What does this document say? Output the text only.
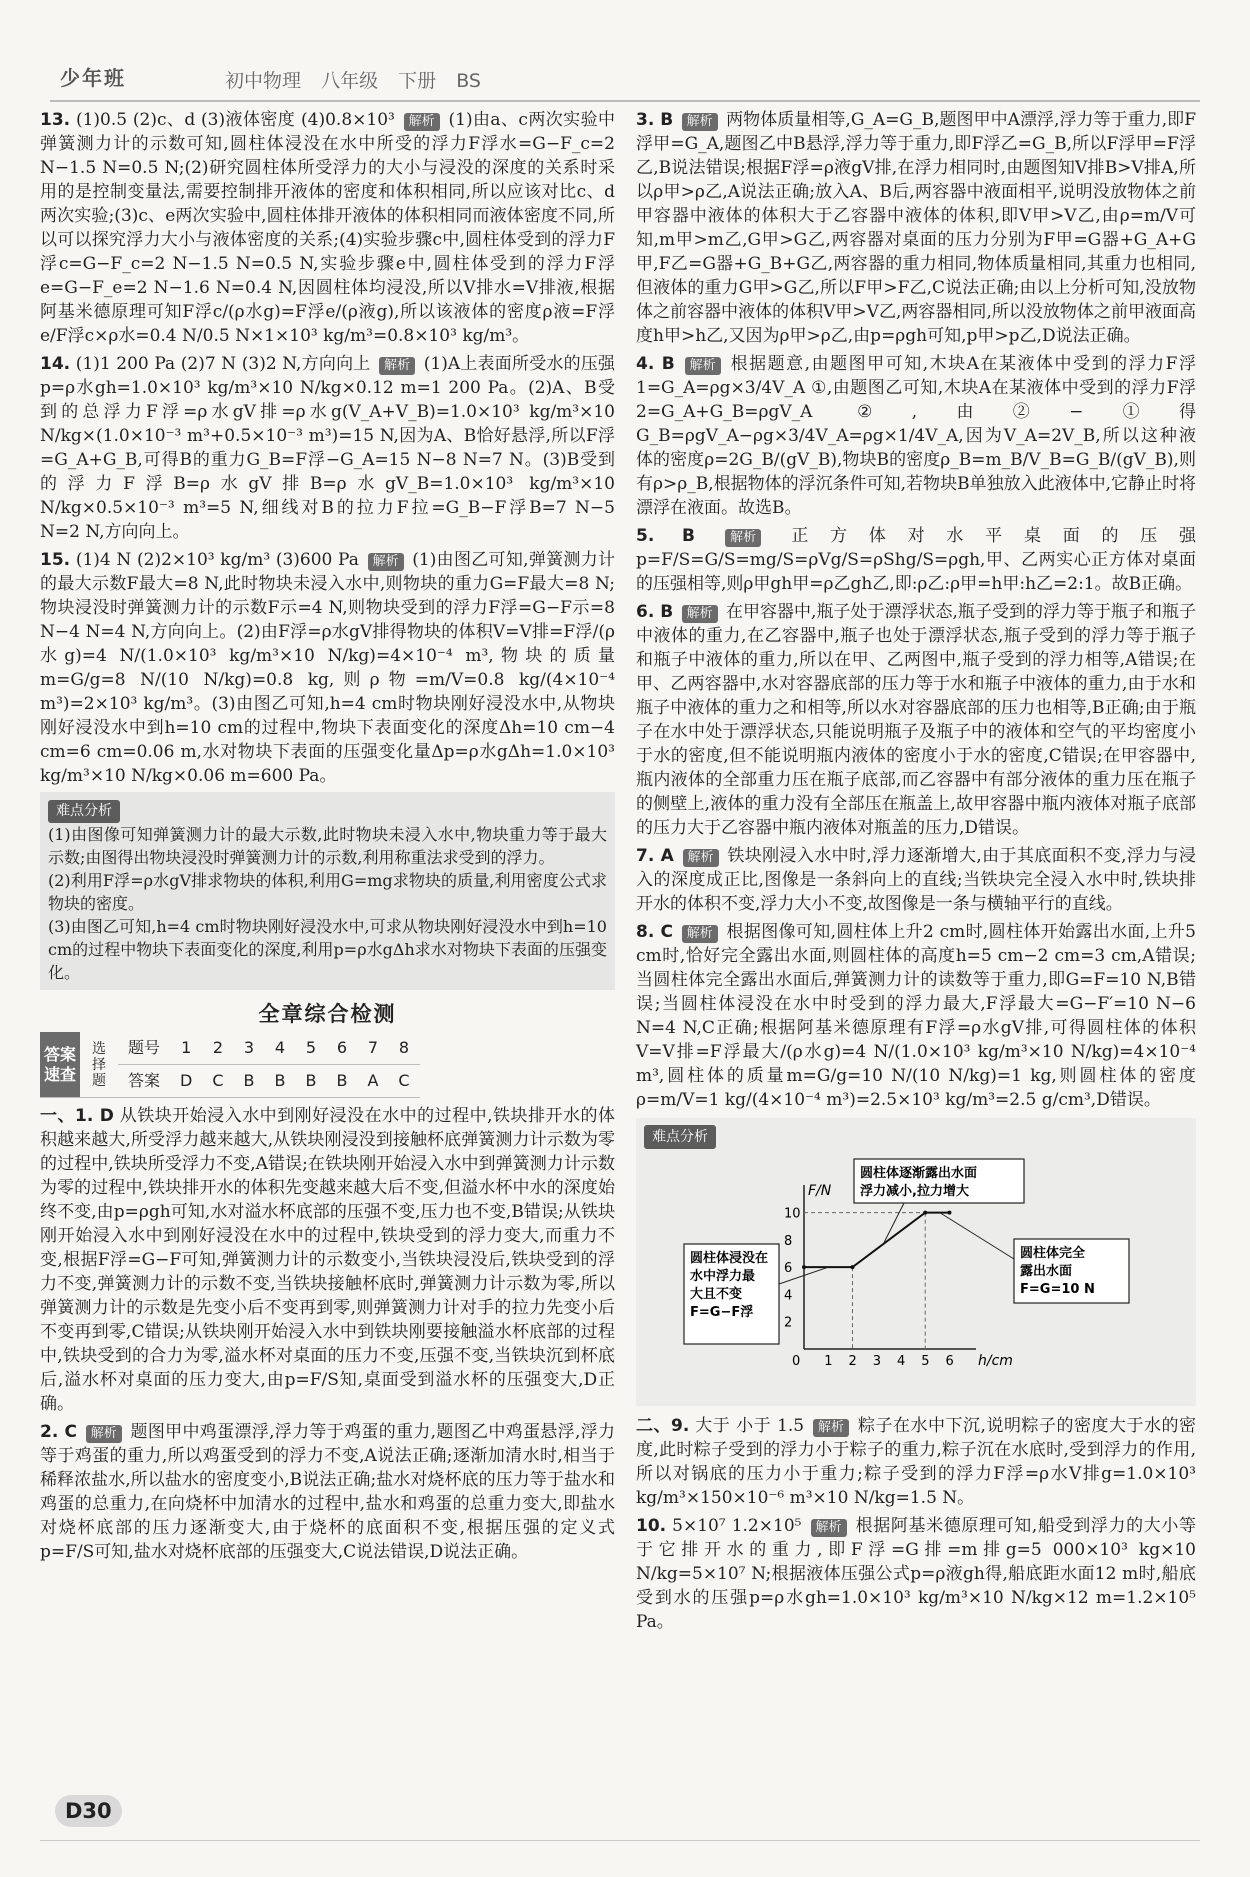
少年班	初中物理 八年级 下册 BS
13. (1)0.5 (2)c、d (3)液体密度 (4)0.8×10³ 解析 (1)由a、c两次实验中弹簧测力计的示数可知,圆柱体浸没在水中所受的浮力F浮水=G−F_c=2 N−1.5 N=0.5 N;(2)研究圆柱体所受浮力的大小与浸没的深度的关系时采用的是控制变量法,需要控制排开液体的密度和体积相同,所以应该对比c、d两次实验;(3)c、e两次实验中,圆柱体排开液体的体积相同而液体密度不同,所以可以探究浮力大小与液体密度的关系;(4)实验步骤c中,圆柱体受到的浮力F浮c=G−F_c=2 N−1.5 N=0.5 N,实验步骤e中,圆柱体受到的浮力F浮e=G−F_e=2 N−1.6 N=0.4 N,因圆柱体均浸没,所以V排水=V排液,根据阿基米德原理可知F浮c/(ρ水g)=F浮e/(ρ液g),所以该液体的密度ρ液=F浮e/F浮c×ρ水=0.4 N/0.5 N×1×10³ kg/m³=0.8×10³ kg/m³。
14. (1)1 200 Pa (2)7 N (3)2 N,方向向上 解析 (1)A上表面所受水的压强p=ρ水gh=1.0×10³ kg/m³×10 N/kg×0.12 m=1 200 Pa。(2)A、B受到的总浮力F浮=ρ水gV排=ρ水g(V_A+V_B)=1.0×10³ kg/m³×10 N/kg×(1.0×10⁻³ m³+0.5×10⁻³ m³)=15 N,因为A、B恰好悬浮,所以F浮=G_A+G_B,可得B的重力G_B=F浮−G_A=15 N−8 N=7 N。(3)B受到的浮力F浮B=ρ水gV排B=ρ水gV_B=1.0×10³ kg/m³×10 N/kg×0.5×10⁻³ m³=5 N,细线对B的拉力F拉=G_B−F浮B=7 N−5 N=2 N,方向向上。
15. (1)4 N (2)2×10³ kg/m³ (3)600 Pa 解析 (1)由图乙可知,弹簧测力计的最大示数F最大=8 N,此时物块未浸入水中,则物块的重力G=F最大=8 N;物块浸没时弹簧测力计的示数F示=4 N,则物块受到的浮力F浮=G−F示=8 N−4 N=4 N,方向向上。(2)由F浮=ρ水gV排得物块的体积V=V排=F浮/(ρ水g)=4 N/(1.0×10³ kg/m³×10 N/kg)=4×10⁻⁴ m³,物块的质量m=G/g=8 N/(10 N/kg)=0.8 kg,则ρ物=m/V=0.8 kg/(4×10⁻⁴ m³)=2×10³ kg/m³。(3)由图乙可知,h=4 cm时物块刚好浸没水中,从物块刚好浸没水中到h=10 cm的过程中,物块下表面变化的深度Δh=10 cm−4 cm=6 cm=0.06 m,水对物块下表面的压强变化量Δp=ρ水gΔh=1.0×10³ kg/m³×10 N/kg×0.06 m=600 Pa。
难点分析

(1)由图像可知弹簧测力计的最大示数,此时物块未浸入水中,物块重力等于最大示数;由图得出物块浸没时弹簧测力计的示数,利用称重法求受到的浮力。

(2)利用F浮=ρ水gV排求物块的体积,利用G=mg求物块的质量,利用密度公式求物块的密度。

(3)由图乙可知,h=4 cm时物块刚好浸没水中,可求从物块刚好浸没水中到h=10 cm的过程中物块下表面变化的深度,利用p=ρ水gΔh求水对物块下表面的压强变化。

全章综合检测
答案速查	选择题	题号	1	2	3	4	5	6	7	8
		答案	D	C	B	B	B	B	A	C
一、1. D 从铁块开始浸入水中到刚好浸没在水中的过程中,铁块排开水的体积越来越大,所受浮力越来越大,从铁块刚浸没到接触杯底弹簧测力计示数为零的过程中,铁块所受浮力不变,A错误;在铁块刚开始浸入水中到弹簧测力计示数为零的过程中,铁块排开水的体积先变越来越大后不变,但溢水杯中水的深度始终不变,由p=ρgh可知,水对溢水杯底部的压强不变,压力也不变,B错误;从铁块刚开始浸入水中到刚好浸没在水中的过程中,铁块受到的浮力变大,而重力不变,根据F浮=G−F可知,弹簧测力计的示数变小,当铁块浸没后,铁块受到的浮力不变,弹簧测力计的示数不变,当铁块接触杯底时,弹簧测力计示数为零,所以弹簧测力计的示数是先变小后不变再到零,则弹簧测力计对手的拉力先变小后不变再到零,C错误;从铁块刚开始浸入水中到铁块刚要接触溢水杯底部的过程中,铁块受到的合力为零,溢水杯对桌面的压力不变,压强不变,当铁块沉到杯底后,溢水杯对桌面的压力变大,由p=F/S知,桌面受到溢水杯的压强变大,D正确。
2. C 解析 题图甲中鸡蛋漂浮,浮力等于鸡蛋的重力,题图乙中鸡蛋悬浮,浮力等于鸡蛋的重力,所以鸡蛋受到的浮力不变,A说法正确;逐渐加清水时,相当于稀释浓盐水,所以盐水的密度变小,B说法正确;盐水对烧杯底的压力等于盐水和鸡蛋的总重力,在向烧杯中加清水的过程中,盐水和鸡蛋的总重力变大,即盐水对烧杯底部的压力逐渐变大,由于烧杯的底面积不变,根据压强的定义式p=F/S可知,盐水对烧杯底部的压强变大,C说法错误,D说法正确。
3. B 解析 两物体质量相等,G_A=G_B,题图甲中A漂浮,浮力等于重力,即F浮甲=G_A,题图乙中B悬浮,浮力等于重力,即F浮乙=G_B,所以F浮甲=F浮乙,B说法错误;根据F浮=ρ液gV排,在浮力相同时,由题图知V排B>V排A,所以ρ甲>ρ乙,A说法正确;放入A、B后,两容器中液面相平,说明没放物体之前甲容器中液体的体积大于乙容器中液体的体积,即V甲>V乙,由ρ=m/V可知,m甲>m乙,G甲>G乙,两容器对桌面的压力分别为F甲=G器+G_A+G甲,F乙=G器+G_B+G乙,两容器的重力相同,物体质量相同,其重力也相同,但液体的重力G甲>G乙,所以F甲>F乙,C说法正确;由以上分析可知,没放物体之前容器中液体的体积V甲>V乙,两容器相同,所以没放物体之前甲液面高度h甲>h乙,又因为ρ甲>ρ乙,由p=ρgh可知,p甲>p乙,D说法正确。
4. B 解析 根据题意,由题图甲可知,木块A在某液体中受到的浮力F浮1=G_A=ρg×3/4V_A ①,由题图乙可知,木块A在某液体中受到的浮力F浮2=G_A+G_B=ρgV_A ②,由②−①得G_B=ρgV_A−ρg×3/4V_A=ρg×1/4V_A,因为V_A=2V_B,所以这种液体的密度ρ=2G_B/(gV_B),物块B的密度ρ_B=m_B/V_B=G_B/(gV_B),则有ρ>ρ_B,根据物体的浮沉条件可知,若物块B单独放入此液体中,它静止时将漂浮在液面。故选B。
5. B	解析 正方体对水平桌面的压强p=F/S=G/S=mg/S=ρVg/S=ρShg/S=ρgh,甲、乙两实心正方体对桌面的压强相等,则ρ甲gh甲=ρ乙gh乙,即:ρ乙:ρ甲=h甲:h乙=2:1。故B正确。
6. B 解析 在甲容器中,瓶子处于漂浮状态,瓶子受到的浮力等于瓶子和瓶子中液体的重力,在乙容器中,瓶子也处于漂浮状态,瓶子受到的浮力等于瓶子和瓶子中液体的重力,所以在甲、乙两图中,瓶子受到的浮力相等,A错误;在甲、乙两容器中,水对容器底部的压力等于水和瓶子中液体的重力,由于水和瓶子中液体的重力之和相等,所以水对容器底部的压力也相等,B正确;由于瓶子在水中处于漂浮状态,只能说明瓶子及瓶子中的液体和空气的平均密度小于水的密度,但不能说明瓶内液体的密度小于水的密度,C错误;在甲容器中,瓶内液体的全部重力压在瓶子底部,而乙容器中有部分液体的重力压在瓶子的侧壁上,液体的重力没有全部压在瓶盖上,故甲容器中瓶内液体对瓶子底部的压力大于乙容器中瓶内液体对瓶盖的压力,D错误。
7. A 解析 铁块刚浸入水中时,浮力逐渐增大,由于其底面积不变,浮力与浸入的深度成正比,图像是一条斜向上的直线;当铁块完全浸入水中时,铁块排开水的体积不变,浮力大小不变,故图像是一条与横轴平行的直线。
8. C 解析 根据图像可知,圆柱体上升2 cm时,圆柱体开始露出水面,上升5 cm时,恰好完全露出水面,则圆柱体的高度h=5 cm−2 cm=3 cm,A错误;当圆柱体完全露出水面后,弹簧测力计的读数等于重力,即G=F=10 N,B错误;当圆柱体浸没在水中时受到的浮力最大,F浮最大=G−F′=10 N−6 N=4 N,C正确;根据阿基米德原理有F浮=ρ水gV排,可得圆柱体的体积V=V排=F浮最大/(ρ水g)=4 N/(1.0×10³ kg/m³×10 N/kg)=4×10⁻⁴ m³,圆柱体的质量m=G/g=10 N/(10 N/kg)=1 kg,则圆柱体的密度ρ=m/V=1 kg/(4×10⁻⁴ m³)=2.5×10³ kg/m³=2.5 g/cm³,D错误。
难点分析
h/cm
F/N
0 1 2 3 4 5 6
2
4
6
8
10
圆柱体逐渐露出水面
浮力减小,拉力增大
圆柱体浸没在
水中浮力最
大且不变
F=G−F浮
圆柱体完全
露出水面
F=G=10 N
二、9. 大于 小于 1.5 解析 粽子在水中下沉,说明粽子的密度大于水的密度,此时粽子受到的浮力小于粽子的重力,粽子沉在水底时,受到浮力的作用,所以对锅底的压力小于重力;粽子受到的浮力F浮=ρ水V排g=1.0×10³ kg/m³×150×10⁻⁶ m³×10 N/kg=1.5 N。
10. 5×10⁷ 1.2×10⁵ 解析 根据阿基米德原理可知,船受到浮力的大小等于它排开水的重力,即F浮=G排=m排g=5 000×10³ kg×10 N/kg=5×10⁷ N;根据液体压强公式p=ρ液gh得,船底距水面12 m时,船底受到水的压强p=ρ水gh=1.0×10³ kg/m³×10 N/kg×12 m=1.2×10⁵ Pa。
D30
